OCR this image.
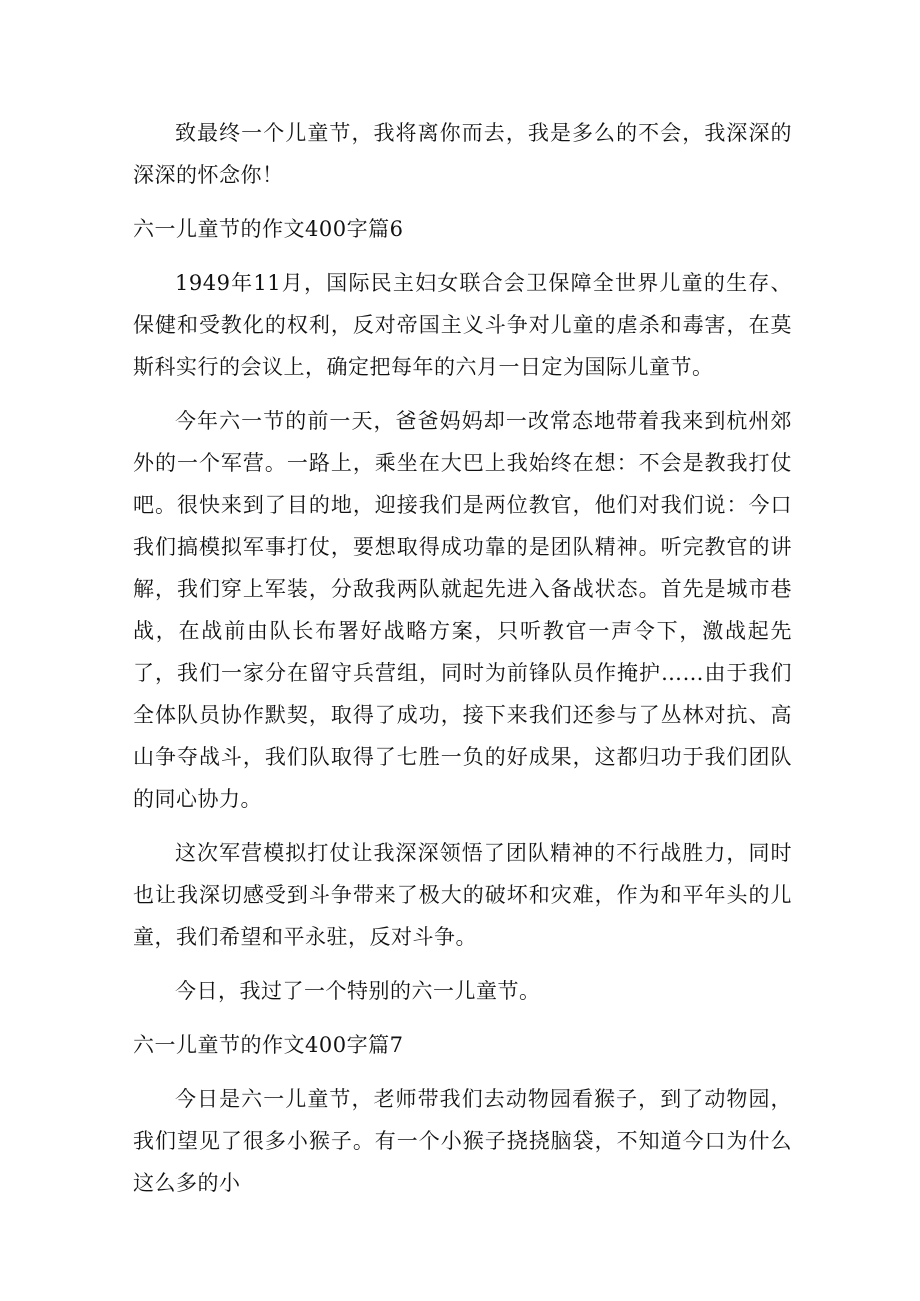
致最终一个儿童节，我将离你而去，我是多么的不会，我深深的深深的怀念你！

六一儿童节的作文400字篇6

1949年11月，国际民主妇女联合会卫保障全世界儿童的生存、保健和受教化的权利，反对帝国主义斗争对儿童的虐杀和毒害，在莫斯科实行的会议上，确定把每年的六月一日定为国际儿童节。

今年六一节的前一天，爸爸妈妈却一改常态地带着我来到杭州郊外的一个军营。一路上，乘坐在大巴上我始终在想：不会是教我打仗吧。很快来到了目的地，迎接我们是两位教官，他们对我们说：今口我们搞模拟军事打仗，要想取得成功靠的是团队精神。听完教官的讲解，我们穿上军装，分敌我两队就起先进入备战状态。首先是城市巷战，在战前由队长布署好战略方案，只听教官一声令下，激战起先了，我们一家分在留守兵营组，同时为前锋队员作掩护……由于我们全体队员协作默契，取得了成功，接下来我们还参与了丛林对抗、高山争夺战斗，我们队取得了七胜一负的好成果，这都归功于我们团队的同心协力。

这次军营模拟打仗让我深深领悟了团队精神的不行战胜力，同时也让我深切感受到斗争带来了极大的破坏和灾难，作为和平年头的儿童，我们希望和平永驻，反对斗争。

今日，我过了一个特别的六一儿童节。

六一儿童节的作文400字篇7

今日是六一儿童节，老师带我们去动物园看猴子，到了动物园，我们望见了很多小猴子。有一个小猴子挠挠脑袋，不知道今口为什么这么多的小
